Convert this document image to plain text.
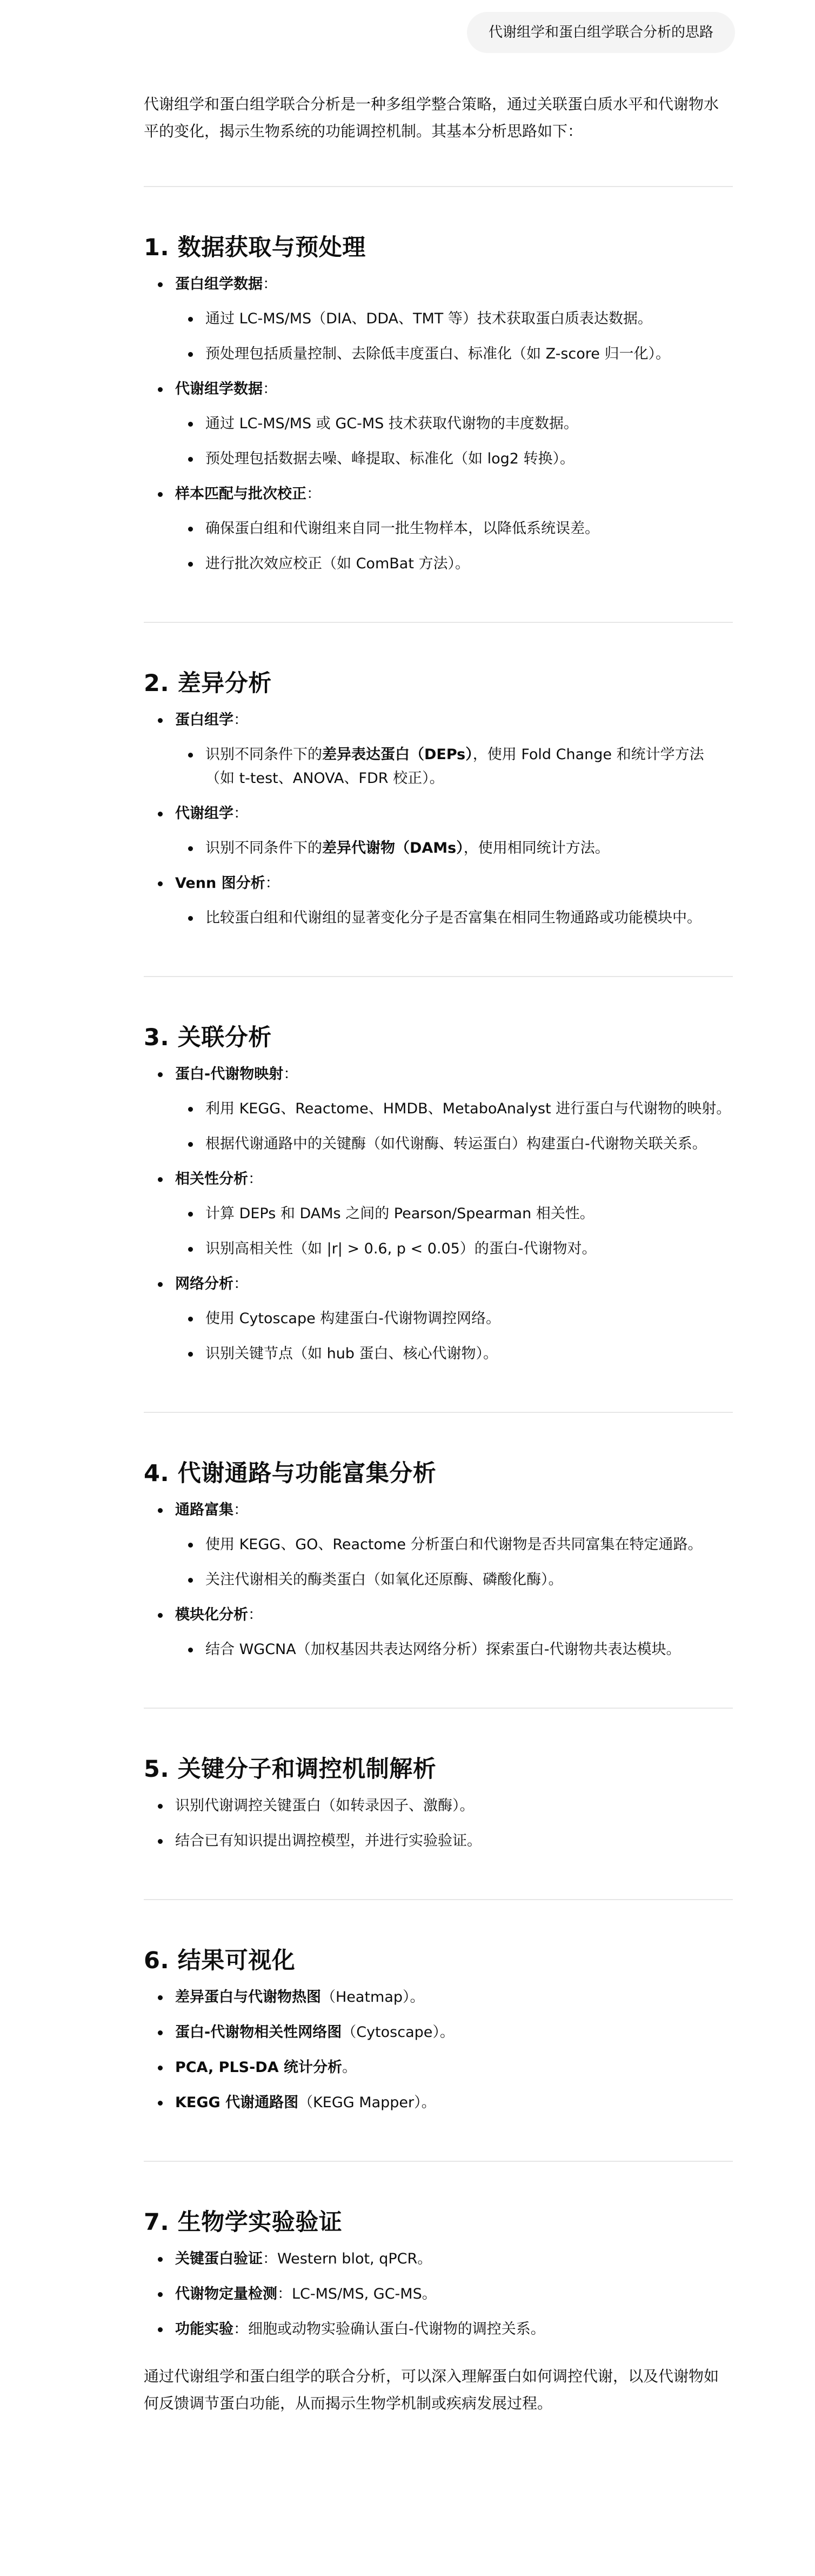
代谢组学和蛋白组学联合分析的思路

代谢组学和蛋白组学联合分析是一种多组学整合策略，通过关联蛋白质水平和代谢物水平的变化，揭示生物系统的功能调控机制。其基本分析思路如下：

1. 数据获取与预处理
蛋白组学数据：
通过 LC-MS/MS（DIA、DDA、TMT 等）技术获取蛋白质表达数据。
预处理包括质量控制、去除低丰度蛋白、标准化（如 Z-score 归一化）。
代谢组学数据：
通过 LC-MS/MS 或 GC-MS 技术获取代谢物的丰度数据。
预处理包括数据去噪、峰提取、标准化（如 log2 转换）。
样本匹配与批次校正：
确保蛋白组和代谢组来自同一批生物样本，以降低系统误差。
进行批次效应校正（如 ComBat 方法）。
2. 差异分析
蛋白组学：
识别不同条件下的差异表达蛋白（DEPs），使用 Fold Change 和统计学方法（如 t-test、ANOVA、FDR 校正）。
代谢组学：
识别不同条件下的差异代谢物（DAMs），使用相同统计方法。
Venn 图分析：
比较蛋白组和代谢组的显著变化分子是否富集在相同生物通路或功能模块中。
3. 关联分析
蛋白-代谢物映射：
利用 KEGG、Reactome、HMDB、MetaboAnalyst 进行蛋白与代谢物的映射。
根据代谢通路中的关键酶（如代谢酶、转运蛋白）构建蛋白-代谢物关联关系。
相关性分析：
计算 DEPs 和 DAMs 之间的 Pearson/Spearman 相关性。
识别高相关性（如 |r| > 0.6, p < 0.05）的蛋白-代谢物对。
网络分析：
使用 Cytoscape 构建蛋白-代谢物调控网络。
识别关键节点（如 hub 蛋白、核心代谢物）。
4. 代谢通路与功能富集分析
通路富集：
使用 KEGG、GO、Reactome 分析蛋白和代谢物是否共同富集在特定通路。
关注代谢相关的酶类蛋白（如氧化还原酶、磷酸化酶）。
模块化分析：
结合 WGCNA（加权基因共表达网络分析）探索蛋白-代谢物共表达模块。
5. 关键分子和调控机制解析
识别代谢调控关键蛋白（如转录因子、激酶）。
结合已有知识提出调控模型，并进行实验验证。
6. 结果可视化
差异蛋白与代谢物热图（Heatmap）。
蛋白-代谢物相关性网络图（Cytoscape）。
PCA, PLS-DA 统计分析。
KEGG 代谢通路图（KEGG Mapper）。
7. 生物学实验验证
关键蛋白验证：Western blot, qPCR。
代谢物定量检测：LC-MS/MS, GC-MS。
功能实验：细胞或动物实验确认蛋白-代谢物的调控关系。

通过代谢组学和蛋白组学的联合分析，可以深入理解蛋白如何调控代谢，以及代谢物如何反馈调节蛋白功能，从而揭示生物学机制或疾病发展过程。
